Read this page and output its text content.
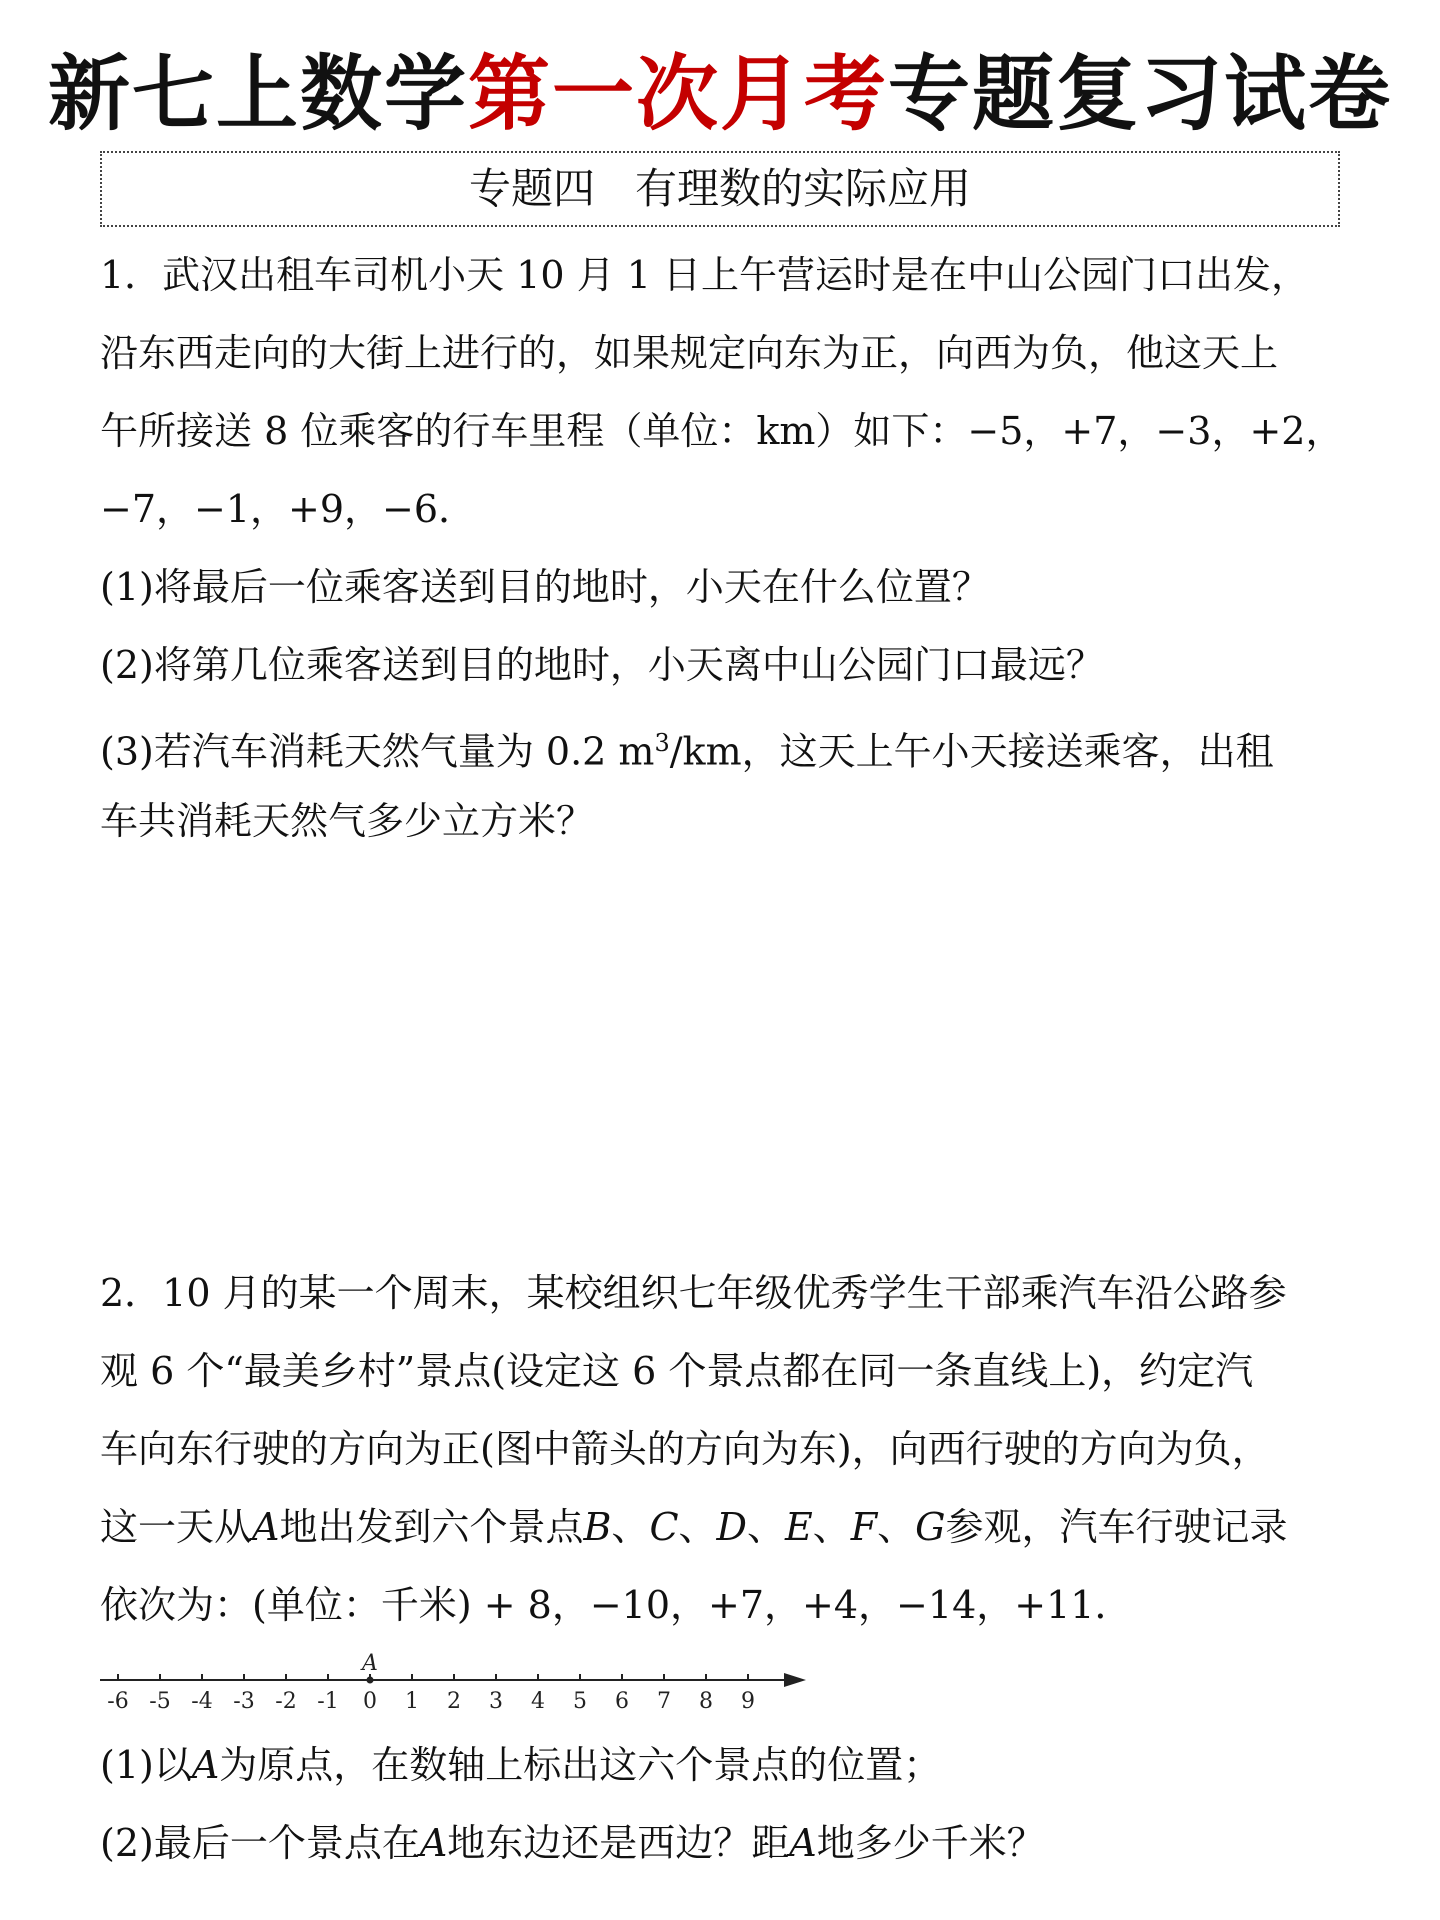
新七上数学第一次月考专题复习试卷
专题四 有理数的实际应用
1．武汉出租车司机小天 10 月 1 日上午营运时是在中山公园门口出发，
沿东西走向的大街上进行的，如果规定向东为正，向西为负，他这天上
午所接送 8 位乘客的行车里程（单位：km）如下：−5，+7，−3，+2，
−7，−1，+9，−6．
(1)将最后一位乘客送到目的地时，小天在什么位置？
(2)将第几位乘客送到目的地时，小天离中山公园门口最远？
(3)若汽车消耗天然气量为 0.2 $m^3/km$，这天上午小天接送乘客，出租
车共消耗天然气多少立方米？
2．10 月的某一个周末，某校组织七年级优秀学生干部乘汽车沿公路参
观 6 个“最美乡村”景点(设定这 6 个景点都在同一条直线上)，约定汽
车向东行驶的方向为正(图中箭头的方向为东)，向西行驶的方向为负，
这一天从A地出发到六个景点B、C、D、E、F、G参观，汽车行驶记录
依次为：(单位：千米) + 8，−10，+7，+4，−14，+11．
-6 -5 -4 -3 -2 -1 0 1 2 3 4 5 6 7 8 9
A
(1)以A为原点，在数轴上标出这六个景点的位置；
(2)最后一个景点在A地东边还是西边？距A地多少千米？
